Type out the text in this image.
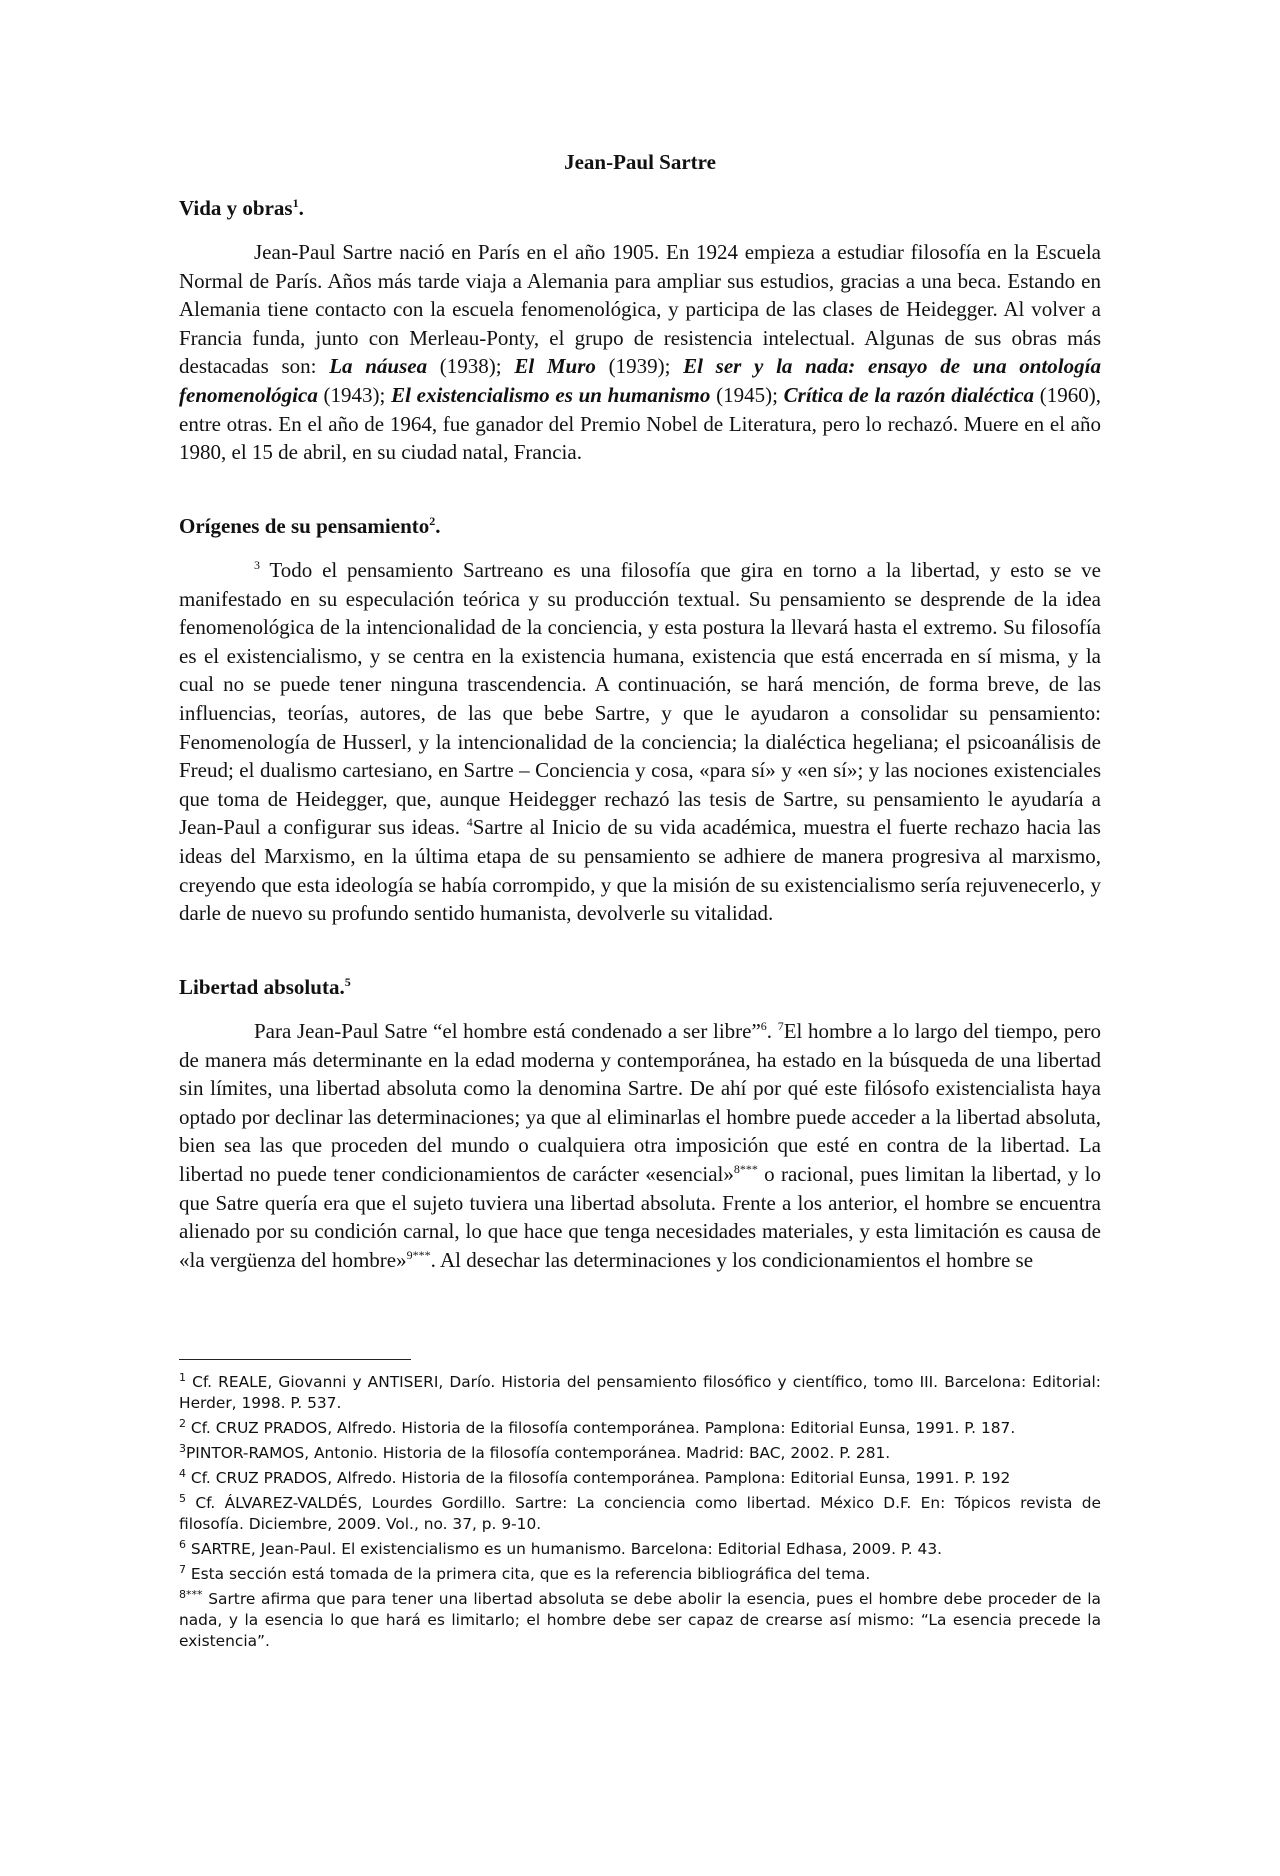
Jean-Paul Sartre

Vida y obras$^1$.

Jean-Paul Sartre nació en París en el año 1905. En 1924 empieza a estudiar filosofía en la Escuela Normal de París. Años más tarde viaja a Alemania para ampliar sus estudios, gracias a una beca. Estando en Alemania tiene contacto con la escuela fenomenológica, y participa de las clases de Heidegger. Al volver a Francia funda, junto con Merleau-Ponty, el grupo de resistencia intelectual. Algunas de sus obras más destacadas son: La náusea (1938); El Muro (1939); El ser y la nada: ensayo de una ontología fenomenológica (1943); El existencialismo es un humanismo (1945); Crítica de la razón dialéctica (1960), entre otras. En el año de 1964, fue ganador del Premio Nobel de Literatura, pero lo rechazó. Muere en el año 1980, el 15 de abril, en su ciudad natal, Francia.

Orígenes de su pensamiento$^2$.

$^3$ Todo el pensamiento Sartreano es una filosofía que gira en torno a la libertad, y esto se ve manifestado en su especulación teórica y su producción textual. Su pensamiento se desprende de la idea fenomenológica de la intencionalidad de la conciencia, y esta postura la llevará hasta el extremo. Su filosofía es el existencialismo, y se centra en la existencia humana, existencia que está encerrada en sí misma, y la cual no se puede tener ninguna trascendencia. A continuación, se hará mención, de forma breve, de las influencias, teorías, autores, de las que bebe Sartre, y que le ayudaron a consolidar su pensamiento: Fenomenología de Husserl, y la intencionalidad de la conciencia; la dialéctica hegeliana; el psicoanálisis de Freud; el dualismo cartesiano, en Sartre – Conciencia y cosa, «para sí» y «en sí»; y las nociones existenciales que toma de Heidegger, que, aunque Heidegger rechazó las tesis de Sartre, su pensamiento le ayudaría a Jean-Paul a configurar sus ideas. $^4$Sartre al Inicio de su vida académica, muestra el fuerte rechazo hacia las ideas del Marxismo, en la última etapa de su pensamiento se adhiere de manera progresiva al marxismo, creyendo que esta ideología se había corrompido, y que la misión de su existencialismo sería rejuvenecerlo, y darle de nuevo su profundo sentido humanista, devolverle su vitalidad.

Libertad absoluta.$^5$

Para Jean-Paul Satre “el hombre está condenado a ser libre”$^6$. $^7$El hombre a lo largo del tiempo, pero de manera más determinante en la edad moderna y contemporánea, ha estado en la búsqueda de una libertad sin límites, una libertad absoluta como la denomina Sartre. De ahí por qué este filósofo existencialista haya optado por declinar las determinaciones; ya que al eliminarlas el hombre puede acceder a la libertad absoluta, bien sea las que proceden del mundo o cualquiera otra imposición que esté en contra de la libertad. La libertad no puede tener condicionamientos de carácter «esencial»$^{8***}$ o racional, pues limitan la libertad, y lo que Satre quería era que el sujeto tuviera una libertad absoluta. Frente a los anterior, el hombre se encuentra alienado por su condición carnal, lo que hace que tenga necesidades materiales, y esta limitación es causa de «la vergüenza del hombre»$^{9***}$. Al desechar las determinaciones y los condicionamientos el hombre se

$^1$ Cf. REALE, Giovanni y ANTISERI, Darío. Historia del pensamiento filosófico y científico, tomo III. Barcelona: Editorial: Herder, 1998. P. 537.

$^2$ Cf. CRUZ PRADOS, Alfredo. Historia de la filosofía contemporánea. Pamplona: Editorial Eunsa, 1991. P. 187.

$^3$PINTOR-RAMOS, Antonio. Historia de la filosofía contemporánea. Madrid: BAC, 2002. P. 281.

$^4$ Cf. CRUZ PRADOS, Alfredo. Historia de la filosofía contemporánea. Pamplona: Editorial Eunsa, 1991. P. 192

$^5$ Cf. ÁLVAREZ-VALDÉS, Lourdes Gordillo. Sartre: La conciencia como libertad. México D.F. En: Tópicos revista de filosofía. Diciembre, 2009. Vol., no. 37, p. 9-10.

$^6$ SARTRE, Jean-Paul. El existencialismo es un humanismo. Barcelona: Editorial Edhasa, 2009. P. 43.

$^7$ Esta sección está tomada de la primera cita, que es la referencia bibliográfica del tema.

$^{8***}$ Sartre afirma que para tener una libertad absoluta se debe abolir la esencia, pues el hombre debe proceder de la nada, y la esencia lo que hará es limitarlo; el hombre debe ser capaz de crearse así mismo: “La esencia precede la existencia”.
